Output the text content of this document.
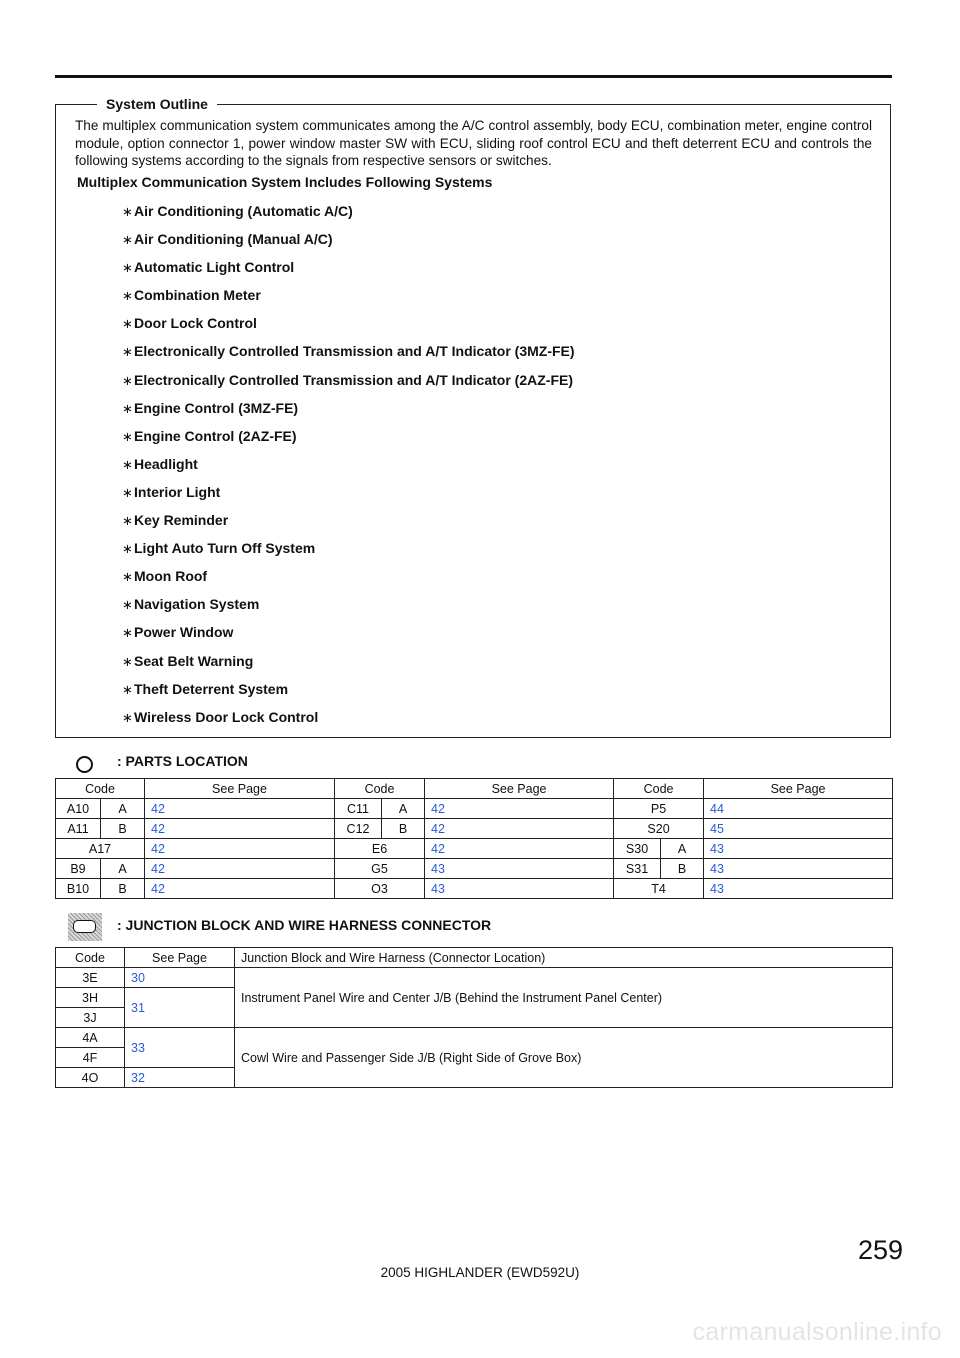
System Outline

The multiplex communication system communicates among the A/C control assembly, body ECU, combination meter, engine control module, option connector 1, power window master SW with ECU, sliding roof control ECU and theft deterrent ECU and controls the following systems according to the signals from respective sensors or switches.

Multiplex Communication System Includes Following Systems
∗Air Conditioning (Automatic A/C)
∗Air Conditioning (Manual A/C)
∗Automatic Light Control
∗Combination Meter
∗Door Lock Control
∗Electronically Controlled Transmission and A/T Indicator (3MZ-FE)
∗Electronically Controlled Transmission and A/T Indicator (2AZ-FE)
∗Engine Control (3MZ-FE)
∗Engine Control (2AZ-FE)
∗Headlight
∗Interior Light
∗Key Reminder
∗Light Auto Turn Off System
∗Moon Roof
∗Navigation System
∗Power Window
∗Seat Belt Warning
∗Theft Deterrent System
∗Wireless Door Lock Control
: PARTS LOCATION
Code		See Page	Code		See Page	Code		See Page
A10	A	42	C11	A	42	P5		44
A11	B	42	C12	B	42	S20		45
A17		42	E6		42	S30	A	43
B9	A	42	G5		43	S31	B	43
B10	B	42	O3		43	T4		43
: JUNCTION BLOCK AND WIRE HARNESS CONNECTOR
Code	See Page	Junction Block and Wire Harness (Connector Location)
3E	30	Instrument Panel Wire and Center J/B (Behind the Instrument Panel Center)
3H	31	
3J		
4A	33	Cowl Wire and Passenger Side J/B (Right Side of Grove Box)
4F		
4O	32	
259
2005 HIGHLANDER (EWD592U)
carmanualsonline.info
